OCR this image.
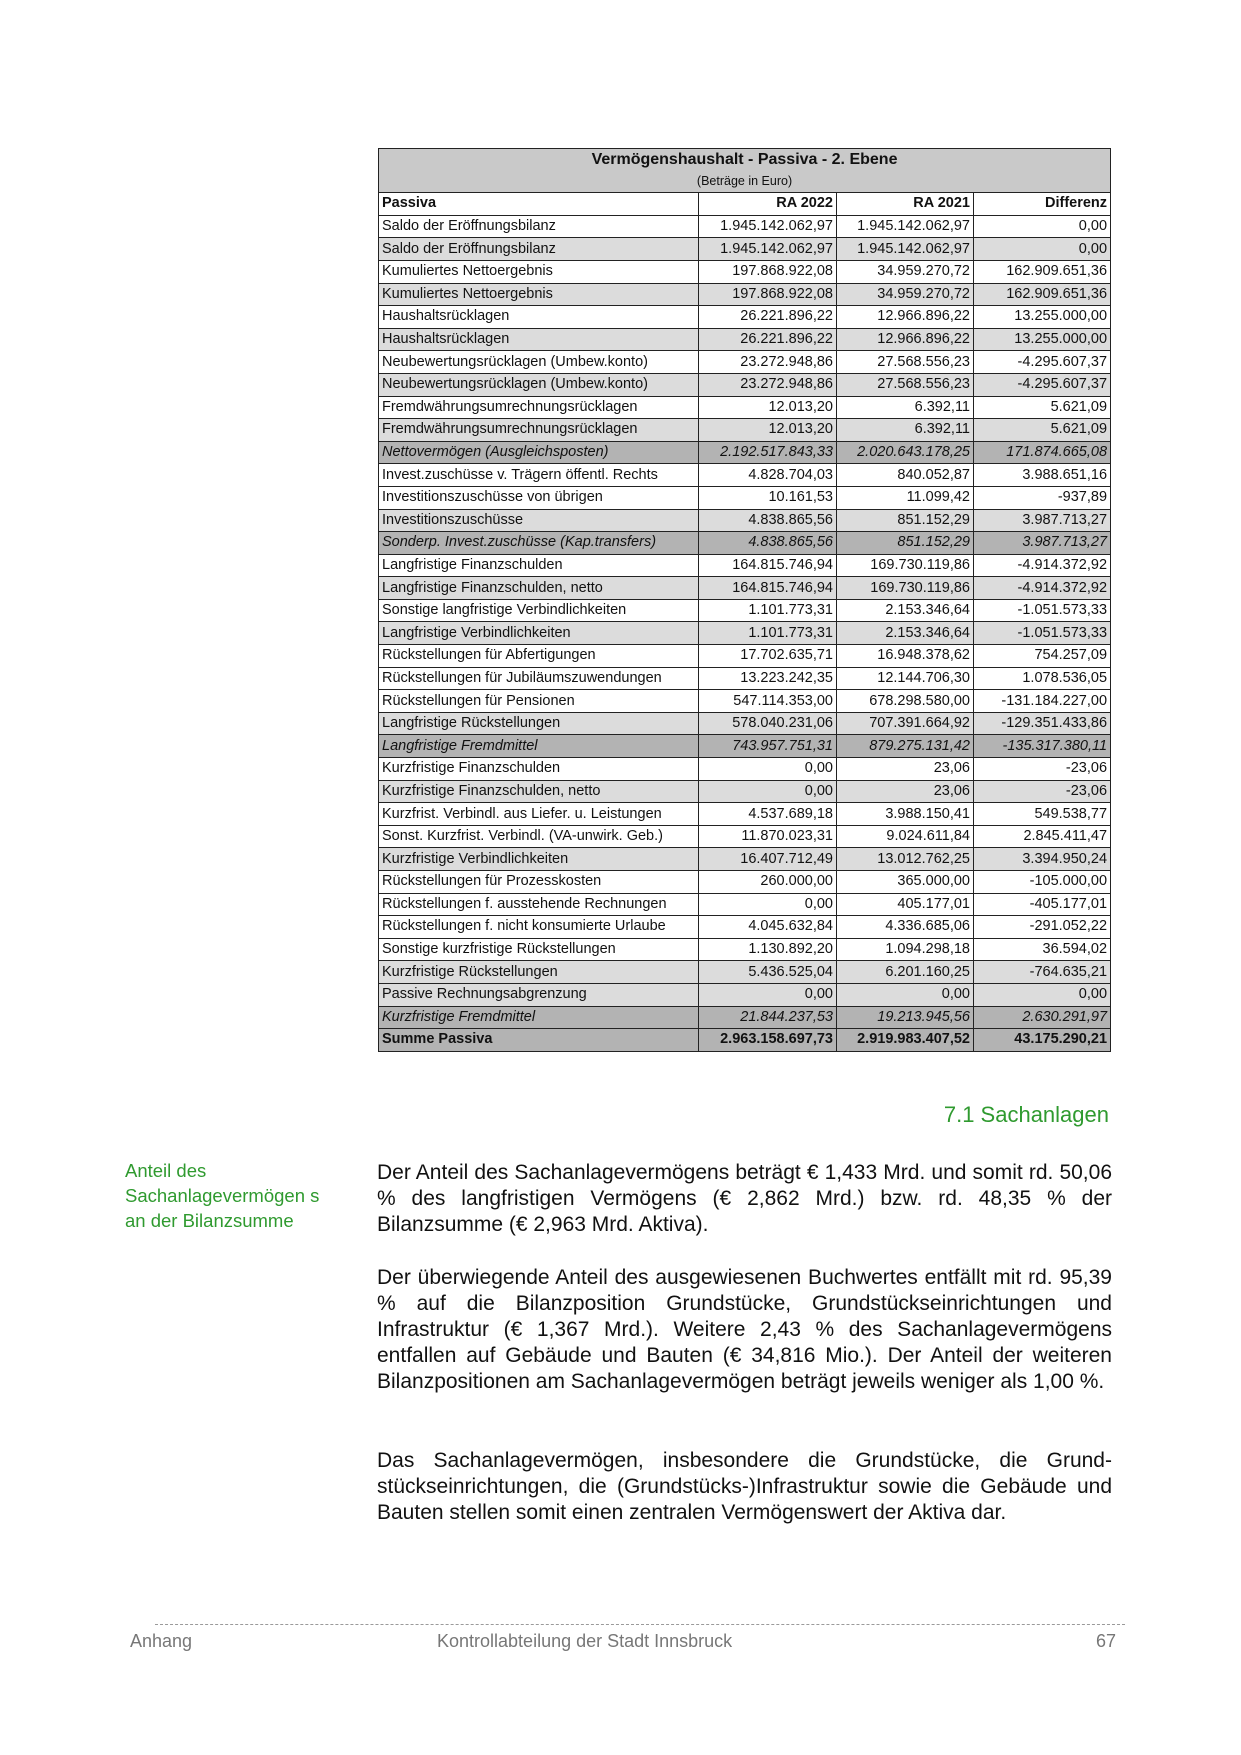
Vermögenshaushalt - Passiva - 2. Ebene			
(Beträge in Euro)			
Passiva	RA 2022	RA 2021	Differenz
Saldo der Eröffnungsbilanz	1.945.142.062,97	1.945.142.062,97	0,00
Saldo der Eröffnungsbilanz	1.945.142.062,97	1.945.142.062,97	0,00
Kumuliertes Nettoergebnis	197.868.922,08	34.959.270,72	162.909.651,36
Kumuliertes Nettoergebnis	197.868.922,08	34.959.270,72	162.909.651,36
Haushaltsrücklagen	26.221.896,22	12.966.896,22	13.255.000,00
Haushaltsrücklagen	26.221.896,22	12.966.896,22	13.255.000,00
Neubewertungsrücklagen (Umbew.konto)	23.272.948,86	27.568.556,23	-4.295.607,37
Neubewertungsrücklagen (Umbew.konto)	23.272.948,86	27.568.556,23	-4.295.607,37
Fremdwährungsumrechnungsrücklagen	12.013,20	6.392,11	5.621,09
Fremdwährungsumrechnungsrücklagen	12.013,20	6.392,11	5.621,09
Nettovermögen (Ausgleichsposten)	2.192.517.843,33	2.020.643.178,25	171.874.665,08
Invest.zuschüsse v. Trägern öffentl. Rechts	4.828.704,03	840.052,87	3.988.651,16
Investitionszuschüsse von übrigen	10.161,53	11.099,42	-937,89
Investitionszuschüsse	4.838.865,56	851.152,29	3.987.713,27
Sonderp. Invest.zuschüsse (Kap.transfers)	4.838.865,56	851.152,29	3.987.713,27
Langfristige Finanzschulden	164.815.746,94	169.730.119,86	-4.914.372,92
Langfristige Finanzschulden, netto	164.815.746,94	169.730.119,86	-4.914.372,92
Sonstige langfristige Verbindlichkeiten	1.101.773,31	2.153.346,64	-1.051.573,33
Langfristige Verbindlichkeiten	1.101.773,31	2.153.346,64	-1.051.573,33
Rückstellungen für Abfertigungen	17.702.635,71	16.948.378,62	754.257,09
Rückstellungen für Jubiläumszuwendungen	13.223.242,35	12.144.706,30	1.078.536,05
Rückstellungen für Pensionen	547.114.353,00	678.298.580,00	-131.184.227,00
Langfristige Rückstellungen	578.040.231,06	707.391.664,92	-129.351.433,86
Langfristige Fremdmittel	743.957.751,31	879.275.131,42	-135.317.380,11
Kurzfristige Finanzschulden	0,00	23,06	-23,06
Kurzfristige Finanzschulden, netto	0,00	23,06	-23,06
Kurzfrist. Verbindl. aus Liefer. u. Leistungen	4.537.689,18	3.988.150,41	549.538,77
Sonst. Kurzfrist. Verbindl. (VA-unwirk. Geb.)	11.870.023,31	9.024.611,84	2.845.411,47
Kurzfristige Verbindlichkeiten	16.407.712,49	13.012.762,25	3.394.950,24
Rückstellungen für Prozesskosten	260.000,00	365.000,00	-105.000,00
Rückstellungen f. ausstehende Rechnungen	0,00	405.177,01	-405.177,01
Rückstellungen f. nicht konsumierte Urlaube	4.045.632,84	4.336.685,06	-291.052,22
Sonstige kurzfristige Rückstellungen	1.130.892,20	1.094.298,18	36.594,02
Kurzfristige Rückstellungen	5.436.525,04	6.201.160,25	-764.635,21
Passive Rechnungsabgrenzung	0,00	0,00	0,00
Kurzfristige Fremdmittel	21.844.237,53	19.213.945,56	2.630.291,97
Summe Passiva	2.963.158.697,73	2.919.983.407,52	43.175.290,21
7.1 Sachanlagen
Anteil des Sachanlagevermögen s an der Bilanzsumme

Der Anteil des Sachanlagevermögens beträgt € 1,433 Mrd. und somit rd. 50,06 % des langfristigen Vermögens (€ 2,862 Mrd.) bzw. rd. 48,35 % der Bilanzsumme (€ 2,963 Mrd. Aktiva).

Der überwiegende Anteil des ausgewiesenen Buchwertes entfällt mit rd. 95,39 % auf die Bilanzposition Grundstücke, Grundstückseinrichtungen und Infrastruktur (€ 1,367 Mrd.). Weitere 2,43 % des Sachanlagevermögens entfallen auf Gebäude und Bauten (€ 34,816 Mio.). Der Anteil der weiteren Bilanzpositionen am Sachanlagevermögen beträgt jeweils weniger als 1,00 %.

Das Sachanlagevermögen, insbesondere die Grundstücke, die Grundstückseinrichtungen, die (Grundstücks-)Infrastruktur sowie die Gebäude und Bauten stellen somit einen zentralen Vermögenswert der Aktiva dar.

Anhang	Kontrollabteilung der Stadt Innsbruck	67
